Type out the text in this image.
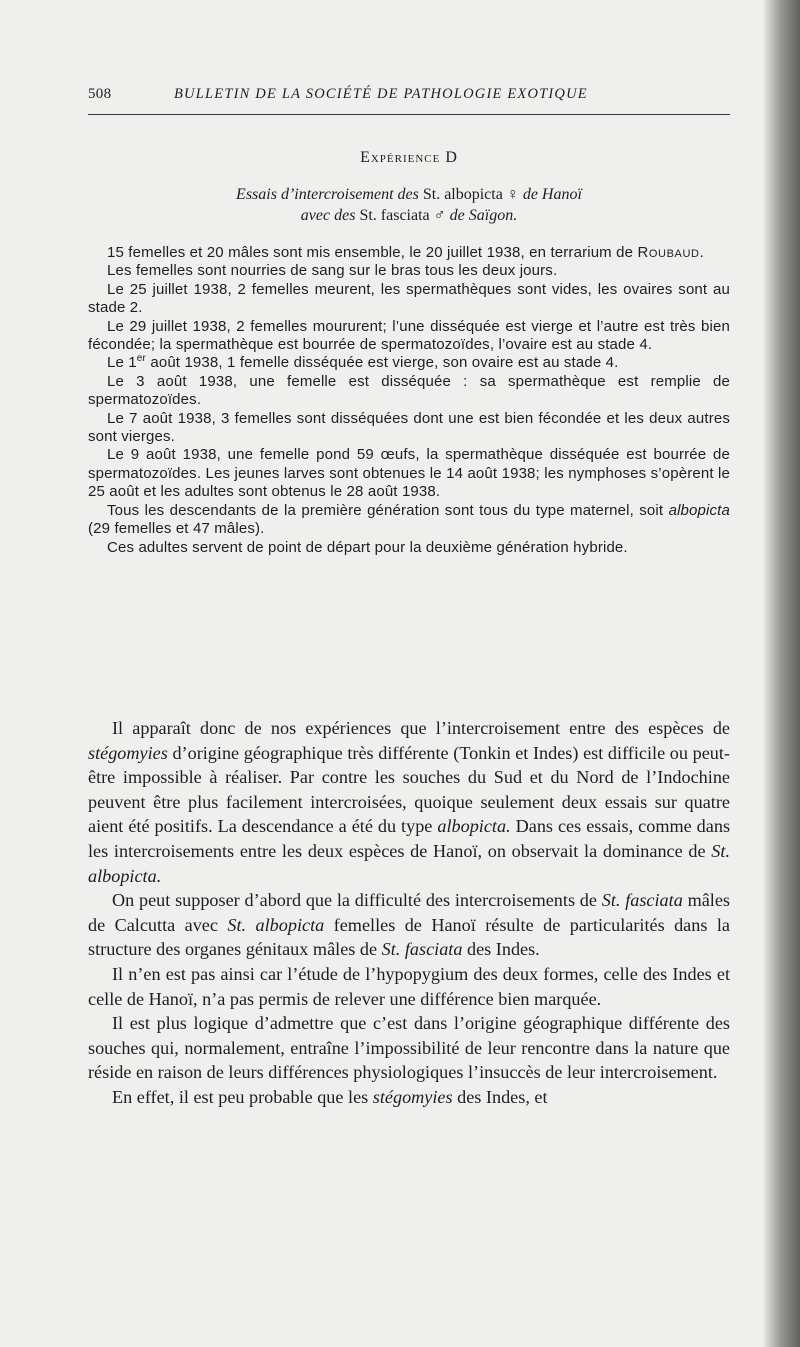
508	BULLETIN DE LA SOCIÉTÉ DE PATHOLOGIE EXOTIQUE
Expérience D
Essais d’intercroisement des St. albopicta ♀ de Hanoï
avec des St. fasciata ♂ de Saïgon.

15 femelles et 20 mâles sont mis ensemble, le 20 juillet 1938, en terrarium de Roubaud.

Les femelles sont nourries de sang sur le bras tous les deux jours.

Le 25 juillet 1938, 2 femelles meurent, les spermathèques sont vides, les ovaires sont au stade 2.

Le 29 juillet 1938, 2 femelles moururent; l’une disséquée est vierge et l’autre est très bien fécondée; la spermathèque est bourrée de spermatozoïdes, l’ovaire est au stade 4.

Le 1er août 1938, 1 femelle disséquée est vierge, son ovaire est au stade 4.

Le 3 août 1938, une femelle est disséquée : sa spermathèque est remplie de spermatozoïdes.

Le 7 août 1938, 3 femelles sont disséquées dont une est bien fécondée et les deux autres sont vierges.

Le 9 août 1938, une femelle pond 59 œufs, la spermathèque disséquée est bourrée de spermatozoïdes. Les jeunes larves sont obtenues le 14 août 1938; les nymphoses s’opèrent le 25 août et les adultes sont obtenus le 28 août 1938.

Tous les descendants de la première génération sont tous du type maternel, soit albopicta (29 femelles et 47 mâles).

Ces adultes servent de point de départ pour la deuxième génération hybride.

Il apparaît donc de nos expériences que l’intercroisement entre des espèces de stégomyies d’origine géographique très différente (Tonkin et Indes) est difficile ou peut-être impossible à réaliser. Par contre les souches du Sud et du Nord de l’Indochine peuvent être plus facilement intercroisées, quoique seulement deux essais sur quatre aient été positifs. La descendance a été du type albopicta. Dans ces essais, comme dans les intercroisements entre les deux espèces de Hanoï, on observait la dominance de St. albopicta.

On peut supposer d’abord que la difficulté des intercroisements de St. fasciata mâles de Calcutta avec St. albopicta femelles de Hanoï résulte de particularités dans la structure des organes génitaux mâles de St. fasciata des Indes.

Il n’en est pas ainsi car l’étude de l’hypopygium des deux formes, celle des Indes et celle de Hanoï, n’a pas permis de relever une différence bien marquée.

Il est plus logique d’admettre que c’est dans l’origine géographique différente des souches qui, normalement, entraîne l’impossibilité de leur rencontre dans la nature que réside en raison de leurs différences physiologiques l’insuccès de leur intercroisement.

En effet, il est peu probable que les stégomyies des Indes, et
